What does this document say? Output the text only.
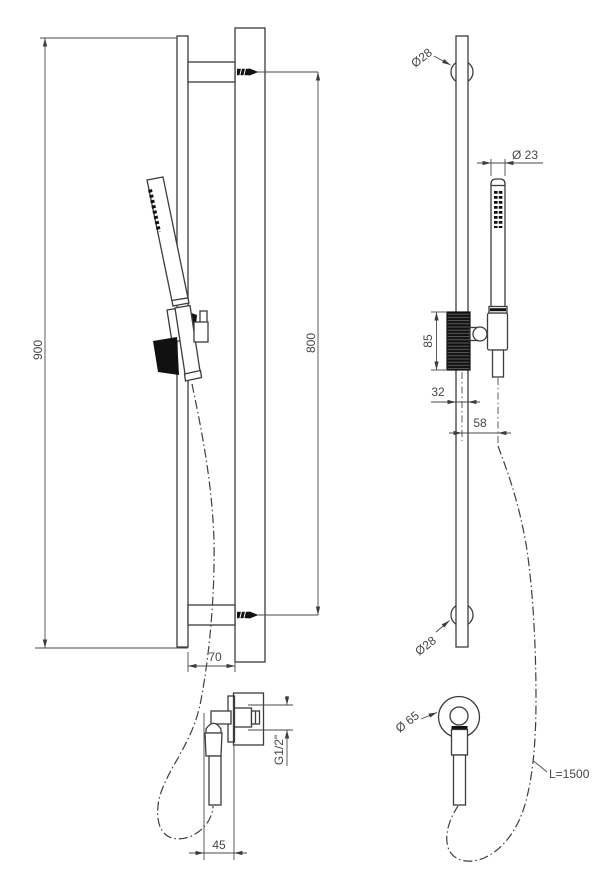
900	800
70
45
G1/2"
Ø28
Ø28
Ø 23
85
32
58
Ø 65
L=1500
